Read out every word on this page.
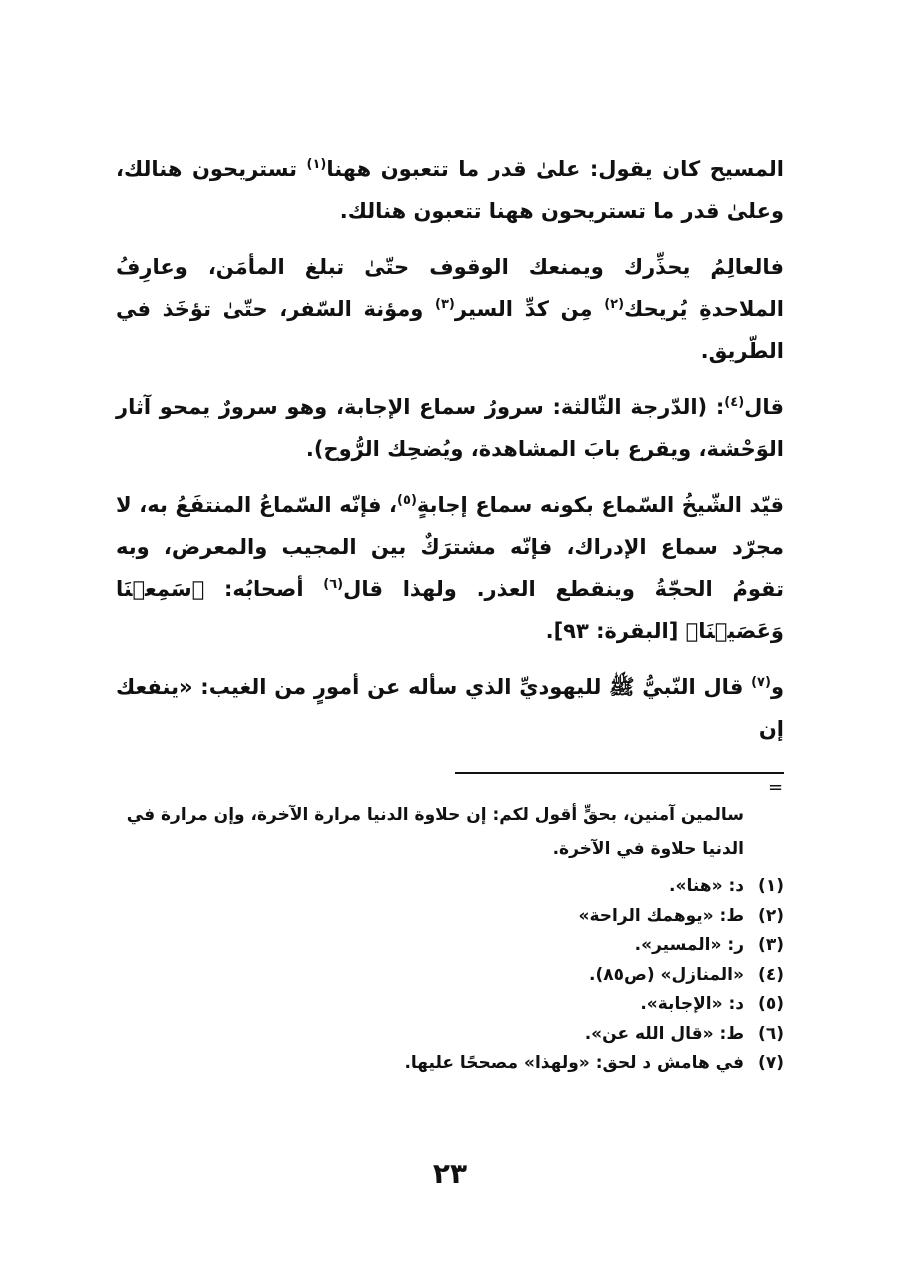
المسيح كان يقول: علىٰ قدر ما تتعبون ههنا$^{(١)}$ تستريحون هنالك، وعلىٰ قدر ما تستريحون ههنا تتعبون هنالك.

فالعالِمُ يحذِّرك ويمنعك الوقوف حتّىٰ تبلغ المأمَن، وعارِفُ الملاحدةِ يُريحك$^{(٢)}$ مِن كدِّ السير$^{(٣)}$ ومؤنة السّفر، حتّىٰ تؤخَذ في الطّريق.

قال$^{(٤)}$: (الدّرجة الثّالثة: سرورُ سماع الإجابة، وهو سرورٌ يمحو آثار الوَحْشة، ويقرع بابَ المشاهدة، ويُضحِك الرُّوح).

قيّد الشّيخُ السّماع بكونه سماع إجابةٍ$^{(٥)}$، فإنّه السّماعُ المنتفَعُ به، لا مجرّد سماع الإدراك، فإنّه مشترَكٌ بين المجيب والمعرض، وبه تقومُ الحجّةُ وينقطع العذر. ولهذا قال$^{(٦)}$ أصحابُه: ﴿سَمِعۡنَا وَعَصَيۡنَا﴾ [البقرة: ٩٣].

و$^{(٧)}$ قال النّبيُّ ﷺ لليهوديِّ الذي سأله عن أمورٍ من الغيب: «ينفعك إن

=
سالمين آمنين، بحقٍّ أقول لكم: إن حلاوة الدنيا مرارة الآخرة، وإن مرارة في الدنيا حلاوة في الآخرة.
(١)
د: «هنا».
(٢)
ط: «يوهمك الراحة»
(٣)
ر: «المسير».
(٤)
«المنازل» (ص٨٥).
(٥)
د: «الإجابة».
(٦)
ط: «قال الله عن».
(٧)
في هامش د لحق: «ولهذا» مصححًا عليها.
٢٣
